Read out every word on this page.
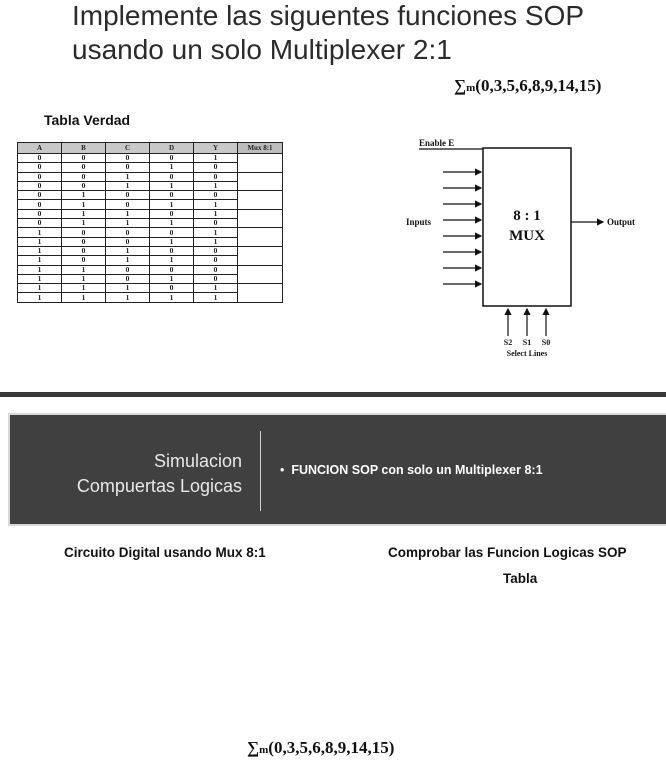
Implemente las siguentes funciones SOP
usando un solo Multiplexer 2:1
∑m(0,3,5,6,8,9,14,15)
Tabla Verdad
A	B	C	D	Y	Mux 8:1
0	0	0	0	1	
0	0	0	1	0	
0	0	1	0	0	
0	0	1	1	1	
0	1	0	0	0	
0	1	0	1	1	
0	1	1	0	1	
0	1	1	1	0	
1	0	0	0	1	
1	0	0	1	1	
1	0	1	0	0	
1	0	1	1	0	
1	1	0	0	0	
1	1	0	1	0	
1	1	1	0	1	
1	1	1	1	1	
Enable E
8 : 1
MUX
Inputs	Output
S2 S1 S0
Select Lines
Simulacion
Compuertas Logicas
• FUNCION SOP con solo un Multiplexer 8:1
Circuito Digital usando Mux 8:1	Comprobar las Funcion Logicas SOP
Tabla
∑m(0,3,5,6,8,9,14,15)
